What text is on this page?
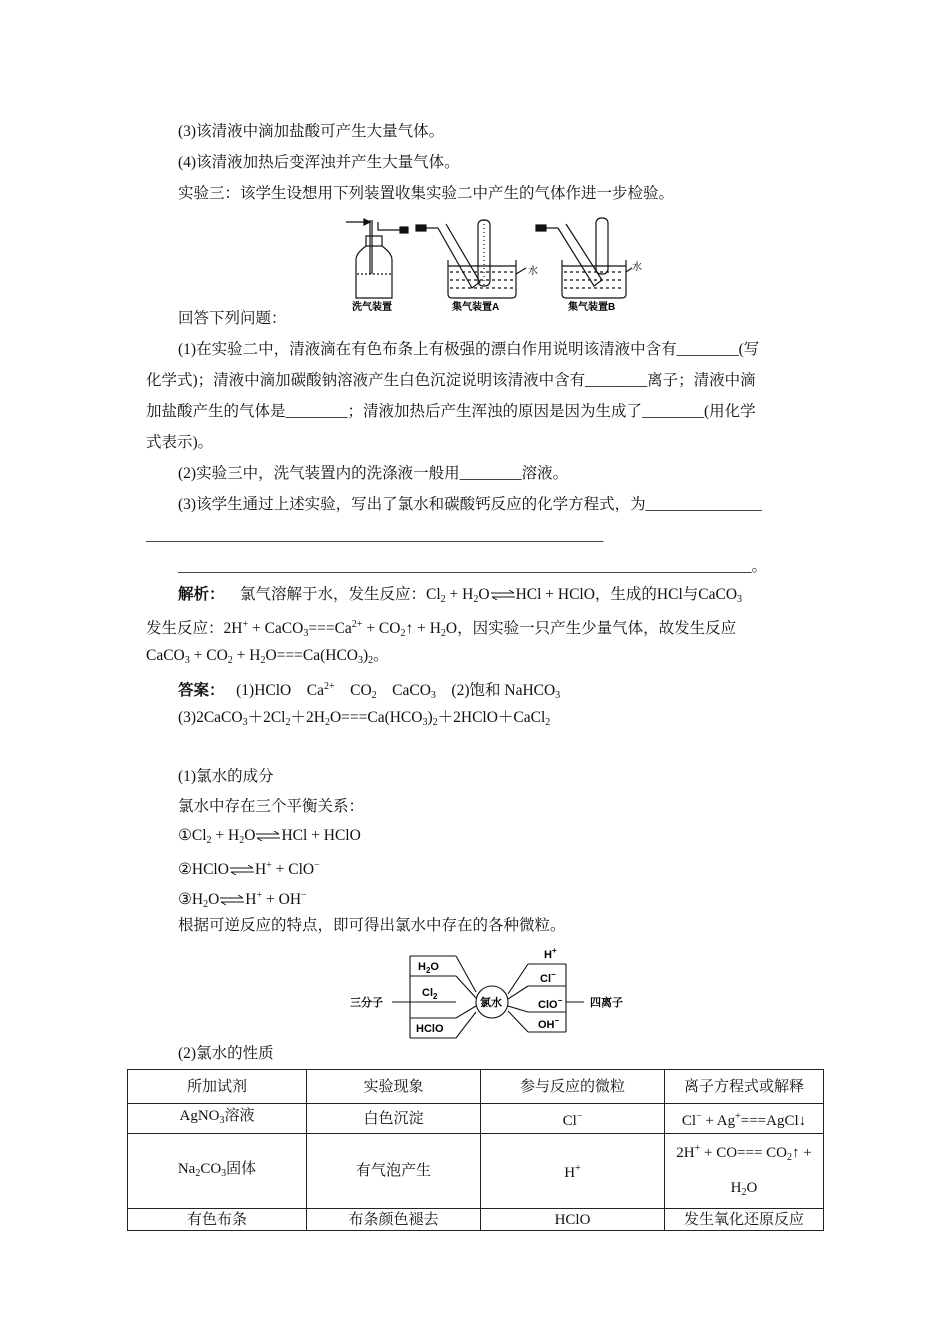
(3)该清液中滴加盐酸可产生大量气体。
(4)该清液加热后变浑浊并产生大量气体。
实验三：该学生设想用下列装置收集实验二中产生的气体作进一步检验。
水	水
洗气装置	集气装置A	集气装置B
回答下列问题：
(1)在实验二中，清液滴在有色布条上有极强的漂白作用说明该清液中含有________(写
化学式)；清液中滴加碳酸钠溶液产生白色沉淀说明该清液中含有________离子；清液中滴
加盐酸产生的气体是________；清液加热后产生浑浊的原因是因为生成了________(用化学
式表示)。
(2)实验三中，洗气装置内的洗涤液一般用________溶液。
(3)该学生通过上述实验，写出了氯水和碳酸钙反应的化学方程式，为_______________
___________________________________________________________
__________________________________________________________________________。
解析： 氯气溶解于水，发生反应：$Cl_2$ + $H_2O\rightleftharpoons HCl$ + HClO，生成的HCl与CaCO$_3$
发生反应：$2H^+ + CaCO_3===Ca^{2+}$ + $CO_2↑ + H_2O$，因实验一只产生少量气体，故发生反应
CaCO$_3$ + $CO_2 + H_2O===Ca(HCO_3)_2$。
答案： (1)HClO　$Ca^{2+}$　$CO_2$　CaCO$_3$　(2)饱和 NaHCO$_3$
$(3)2CaCO_3+2Cl_2+2H_2O===Ca(HCO_3)_2+2HClO+CaCl_2$
(1)氯水的成分
氯水中存在三个平衡关系：
$①Cl_2$ + $H_2O\rightleftharpoons HCl$ + HClO
②HClO⇌H+ + ClO−
$③H_2O\rightleftharpoons H^+ + OH^-$
根据可逆反应的特点，即可得出氯水中存在的各种微粒。
三分子
$H_2O$
$Cl_2$
HClO
氯水
H+
Cl−
ClO−
OH−
四离子
(2)氯水的性质
所加试剂	实验现象	参与反应的微粒	离子方程式或解释
AgNO$_3$溶液	白色沉淀	Cl−	Cl− + Ag+===AgCl↓
$Na_2CO_3$固体	有气泡产生	H+	$2H^+ + CO=== CO_2↑$ +
$H_2O$
有色布条	布条颜色褪去	HClO	发生氧化还原反应
